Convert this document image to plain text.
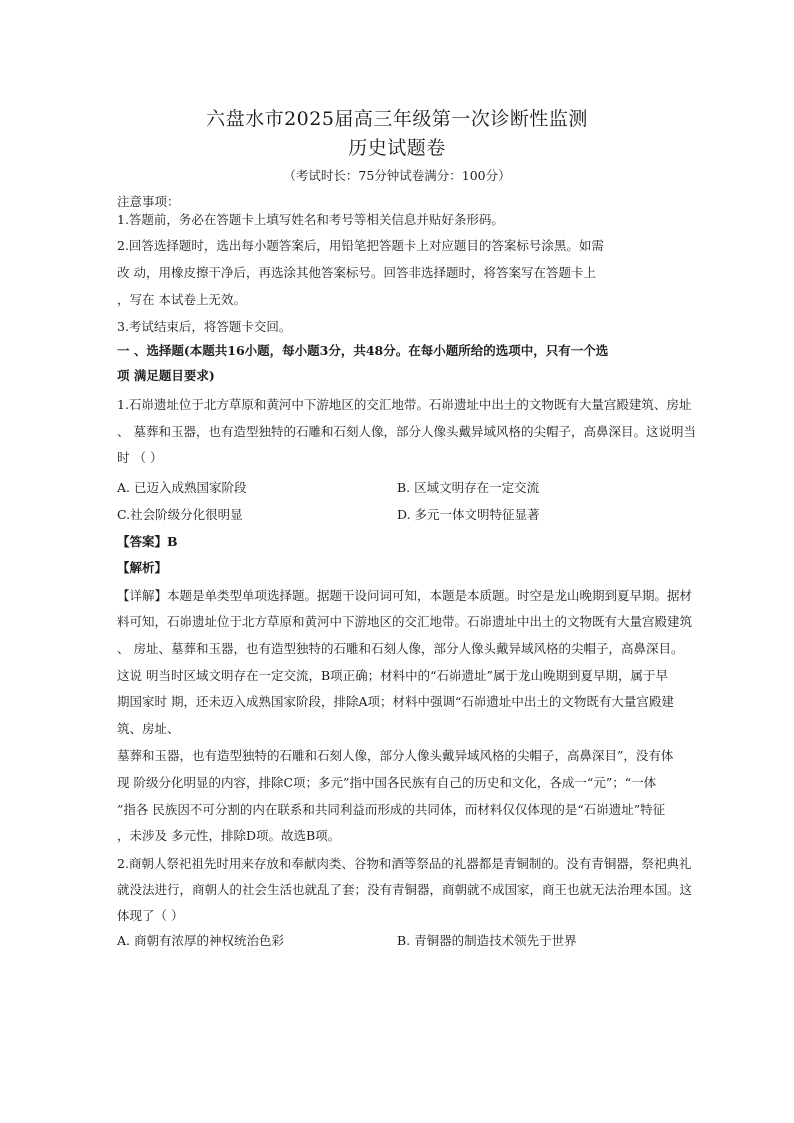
六盘水市2025届高三年级第一次诊断性监测
历史试题卷
（考试时长：75分钟试卷满分：100分）
注意事项：
1.答题前，务必在答题卡上填写姓名和考号等相关信息并贴好条形码。
2.回答选择题时，选出每小题答案后，用铅笔把答题卡上对应题目的答案标号涂黑。如需
改 动，用橡皮擦干净后，再选涂其他答案标号。回答非选择题时，将答案写在答题卡上
，写在 本试卷上无效。
3.考试结束后，将答题卡交回。
一 、选择题(本题共16小题，每小题3分，共48分。在每小题所给的选项中，只有一个选
项 满足题目要求)
1.石峁遗址位于北方草原和黄河中下游地区的交汇地带。石峁遗址中出土的文物既有大量宫殿建筑、房址
、 墓葬和玉器，也有造型独特的石雕和石刻人像，部分人像头戴异域风格的尖帽子，高鼻深目。这说明当
时 （ ）
A. 已迈入成熟国家阶段	B. 区域文明存在一定交流
C.社会阶级分化很明显	D. 多元一体文明特征显著
【答案】B
【解析】
【详解】本题是单类型单项选择题。据题干设问词可知，本题是本质题。时空是龙山晚期到夏早期。据材
料可知，石峁遗址位于北方草原和黄河中下游地区的交汇地带。石峁遗址中出土的文物既有大量宫殿建筑
、 房址、墓葬和玉器，也有造型独特的石雕和石刻人像，部分人像头戴异域风格的尖帽子，高鼻深目。
这说 明当时区域文明存在一定交流，B项正确；材料中的“石峁遗址”属于龙山晚期到夏早期，属于早
期国家时 期，还未迈入成熟国家阶段，排除A项；材料中强调“石峁遗址中出土的文物既有大量宫殿建
筑、房址、
墓葬和玉器，也有造型独特的石雕和石刻人像，部分人像头戴异域风格的尖帽子，高鼻深目”，没有体
现 阶级分化明显的内容，排除C项；多元”指中国各民族有自己的历史和文化，各成一“元”；“一体
”指各 民族因不可分割的内在联系和共同利益而形成的共同体，而材料仅仅体现的是“石峁遗址”特征
，未涉及 多元性，排除D项。故选B项。
2.商朝人祭祀祖先时用来存放和奉献肉类、谷物和酒等祭品的礼器都是青铜制的。没有青铜器，祭祀典礼
就没法进行，商朝人的社会生活也就乱了套；没有青铜器，商朝就不成国家，商王也就无法治理本国。这
体现了（ ）
A. 商朝有浓厚的神权统治色彩	B. 青铜器的制造技术领先于世界
